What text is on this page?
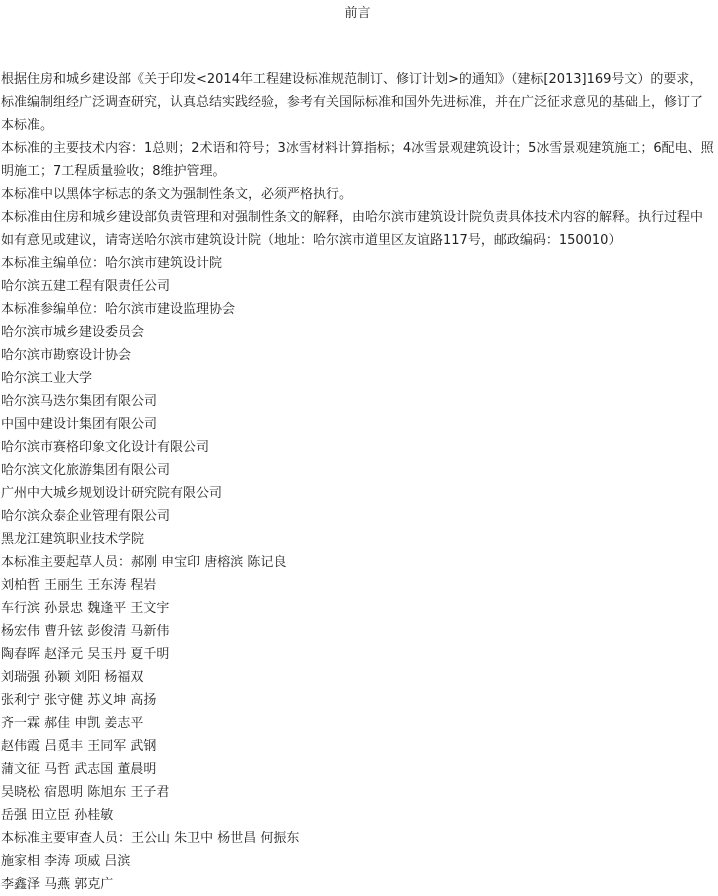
前言

根据住房和城乡建设部《关于印发<2014年工程建设标准规范制订、修订计划>的通知》（建标[2013]169号文）的要求，标准编制组经广泛调查研究，认真总结实践经验，参考有关国际标准和国外先进标准，并在广泛征求意见的基础上，修订了本标准。

本标准的主要技术内容：1总则；2术语和符号；3冰雪材料计算指标；4冰雪景观建筑设计；5冰雪景观建筑施工；6配电、照明施工；7工程质量验收；8维护管理。

本标准中以黑体字标志的条文为强制性条文，必须严格执行。

本标准由住房和城乡建设部负责管理和对强制性条文的解释，由哈尔滨市建筑设计院负责具体技术内容的解释。执行过程中如有意见或建议，请寄送哈尔滨市建筑设计院（地址：哈尔滨市道里区友谊路117号，邮政编码：150010）

本标准主编单位：哈尔滨市建筑设计院

哈尔滨五建工程有限责任公司

本标准参编单位：哈尔滨市建设监理协会

哈尔滨市城乡建设委员会

哈尔滨市勘察设计协会

哈尔滨工业大学

哈尔滨马迭尔集团有限公司

中国中建设计集团有限公司

哈尔滨市赛格印象文化设计有限公司

哈尔滨文化旅游集团有限公司

广州中大城乡规划设计研究院有限公司

哈尔滨众泰企业管理有限公司

黑龙江建筑职业技术学院

本标准主要起草人员：郝刚 申宝印 唐榕滨 陈记良

刘柏哲 王丽生 王东涛 程岩

车行滨 孙景忠 魏逢平 王文宇

杨宏伟 曹升铉 彭俊清 马新伟

陶春晖 赵泽元 吴玉丹 夏千明

刘瑞强 孙颖 刘阳 杨福双

张利宁 张守健 苏义坤 高扬

齐一霖 郝佳 申凯 姜志平

赵伟霞 吕觅丰 王同军 武钢

蒲文征 马哲 武志国 董晨明

吴晓松 宿恩明 陈旭东 王子君

岳强 田立臣 孙桂敏

本标准主要审查人员：王公山 朱卫中 杨世昌 何振东

施家相 李涛 项威 吕滨

李鑫泽 马燕 郭克广
